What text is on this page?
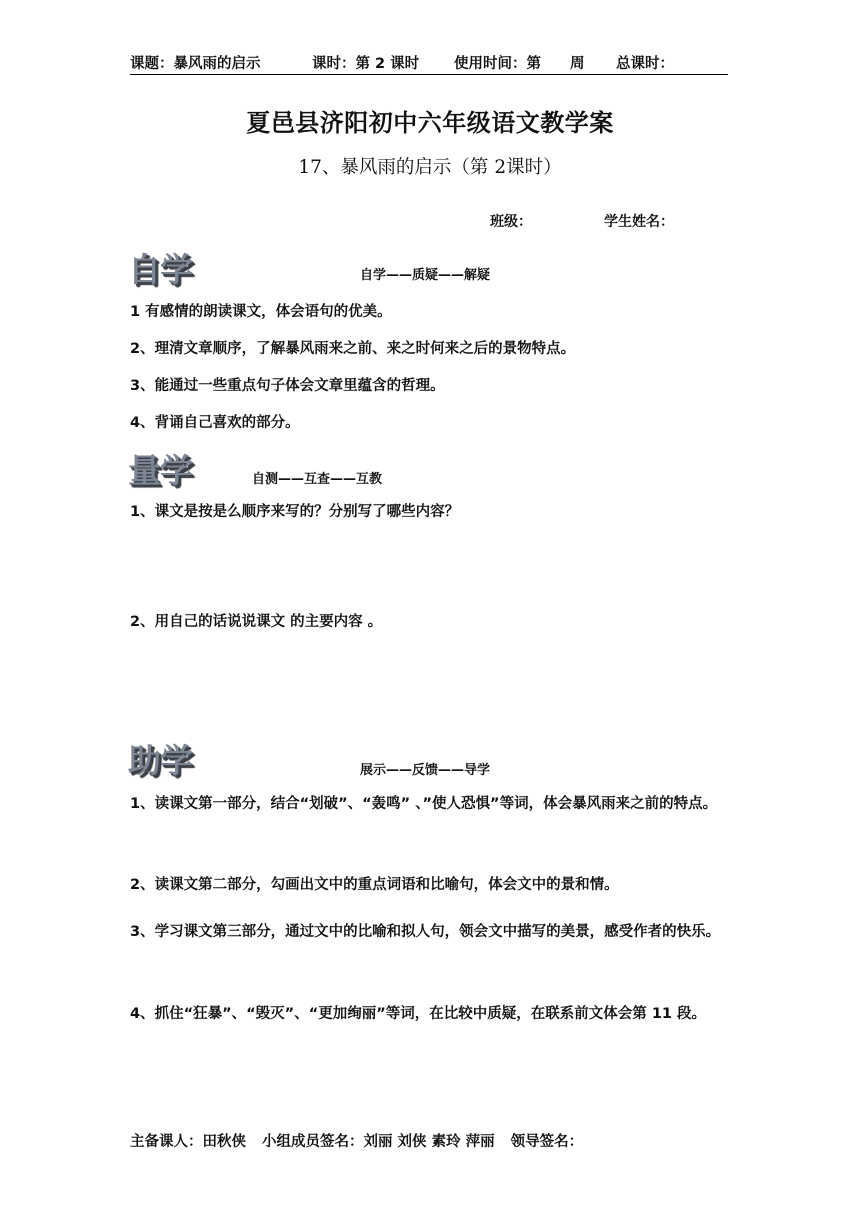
课题：暴风雨的启示	课时：第 2 课时 使用时间：第　　周 总课时：
夏邑县济阳初中六年级语文教学案
17、暴风雨的启示（第 2课时）
班级：	学生姓名：
自学	自学——质疑——解疑
1 有感情的朗读课文，体会语句的优美。
2、理清文章顺序，了解暴风雨来之前、来之时何来之后的景物特点。
3、能通过一些重点句子体会文章里蕴含的哲理。
4、背诵自己喜欢的部分。
量学	自测——互查——互教
1、课文是按是么顺序来写的？分别写了哪些内容？
2、用自己的话说说课文 的主要内容 。
助学	展示——反馈——导学
1、读课文第一部分，结合“划破”、“轰鸣” 、”使人恐惧”等词，体会暴风雨来之前的特点。
2、读课文第二部分，勾画出文中的重点词语和比喻句，体会文中的景和情。
3、学习课文第三部分，通过文中的比喻和拟人句，领会文中描写的美景，感受作者的快乐。
4、抓住“狂暴”、“毁灭”、“更加绚丽”等词，在比较中质疑，在联系前文体会第 11 段。
主备课人：田秋侠 小组成员签名：刘丽 刘侠 素玲 萍丽 领导签名：
